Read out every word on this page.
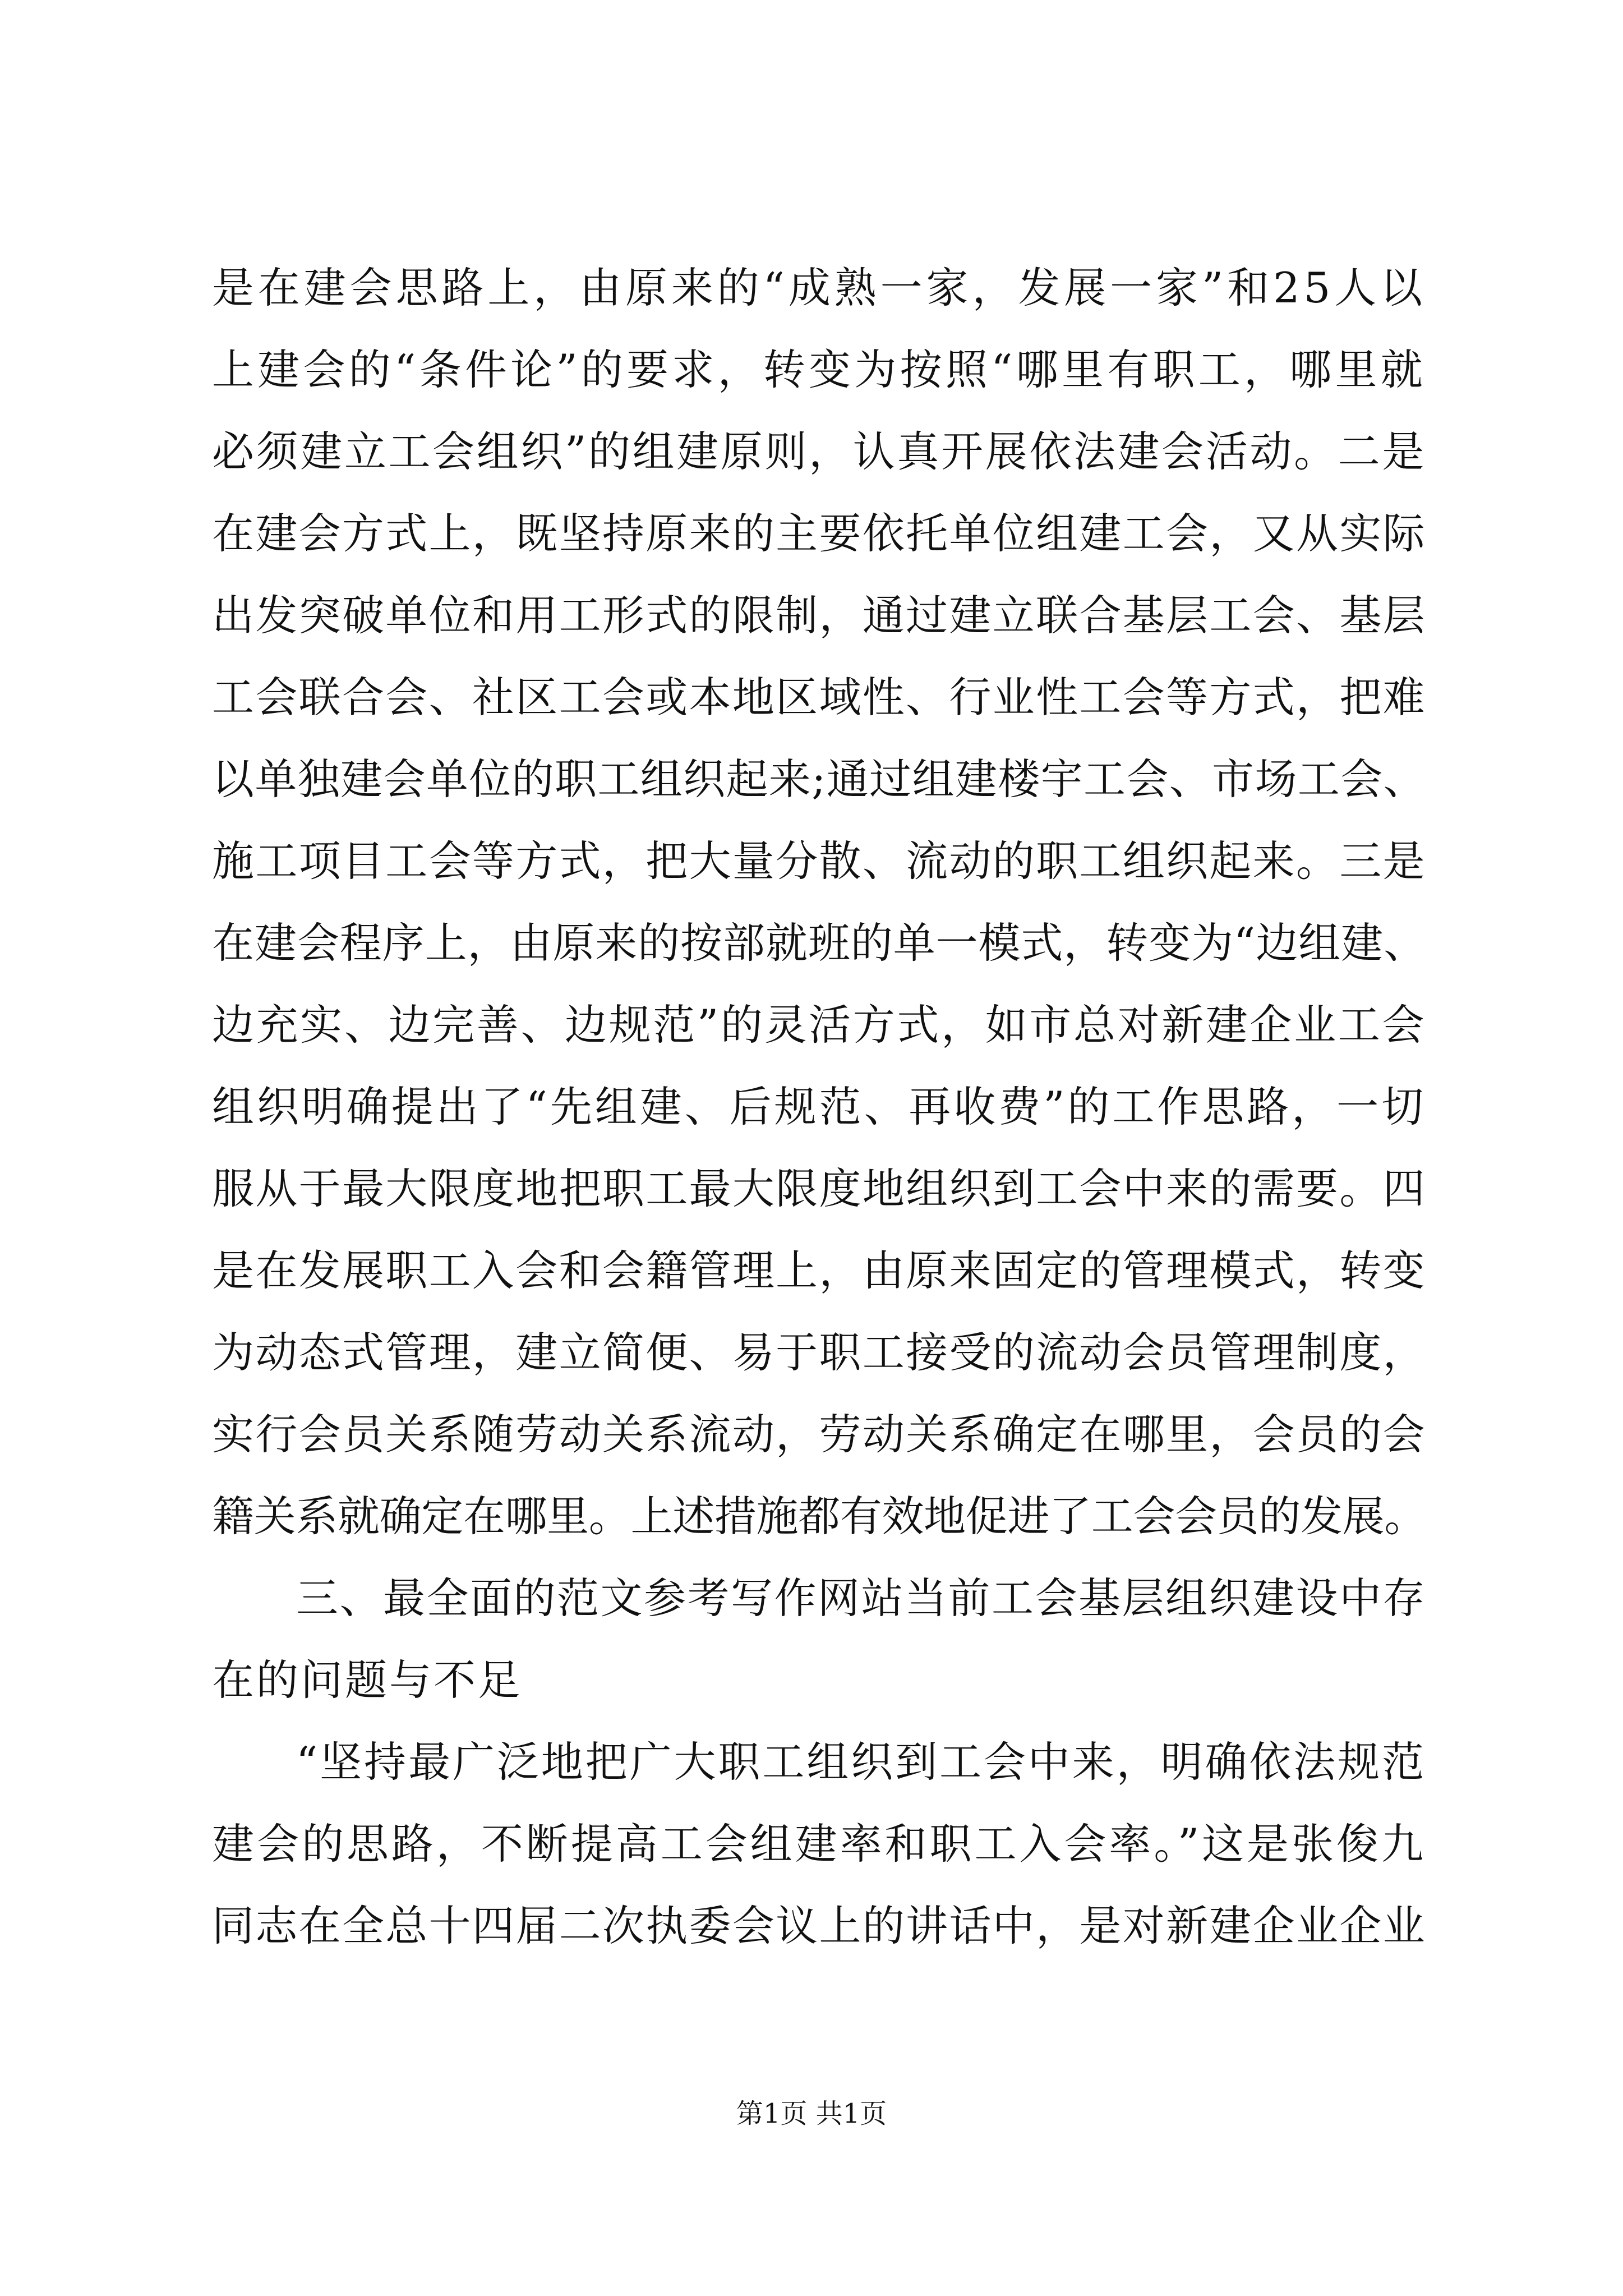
是在建会思路上，由原来的“成熟一家，发展一家”和25人以
上建会的“条件论”的要求，转变为按照“哪里有职工，哪里就
必须建立工会组织”的组建原则，认真开展依法建会活动。二是
在建会方式上，既坚持原来的主要依托单位组建工会，又从实际
出发突破单位和用工形式的限制，通过建立联合基层工会、基层
工会联合会、社区工会或本地区域性、行业性工会等方式，把难
以单独建会单位的职工组织起来;通过组建楼宇工会、市场工会、
施工项目工会等方式，把大量分散、流动的职工组织起来。三是
在建会程序上，由原来的按部就班的单一模式，转变为“边组建、
边充实、边完善、边规范”的灵活方式，如市总对新建企业工会
组织明确提出了“先组建、后规范、再收费”的工作思路，一切
服从于最大限度地把职工最大限度地组织到工会中来的需要。四
是在发展职工入会和会籍管理上，由原来固定的管理模式，转变
为动态式管理，建立简便、易于职工接受的流动会员管理制度，
实行会员关系随劳动关系流动，劳动关系确定在哪里，会员的会
籍关系就确定在哪里。上述措施都有效地促进了工会会员的发展。
三、最全面的范文参考写作网站当前工会基层组织建设中存
在的问题与不足
“坚持最广泛地把广大职工组织到工会中来，明确依法规范
建会的思路，不断提高工会组建率和职工入会率。”这是张俊九
同志在全总十四届二次执委会议上的讲话中，是对新建企业企业
第1页 共1页
